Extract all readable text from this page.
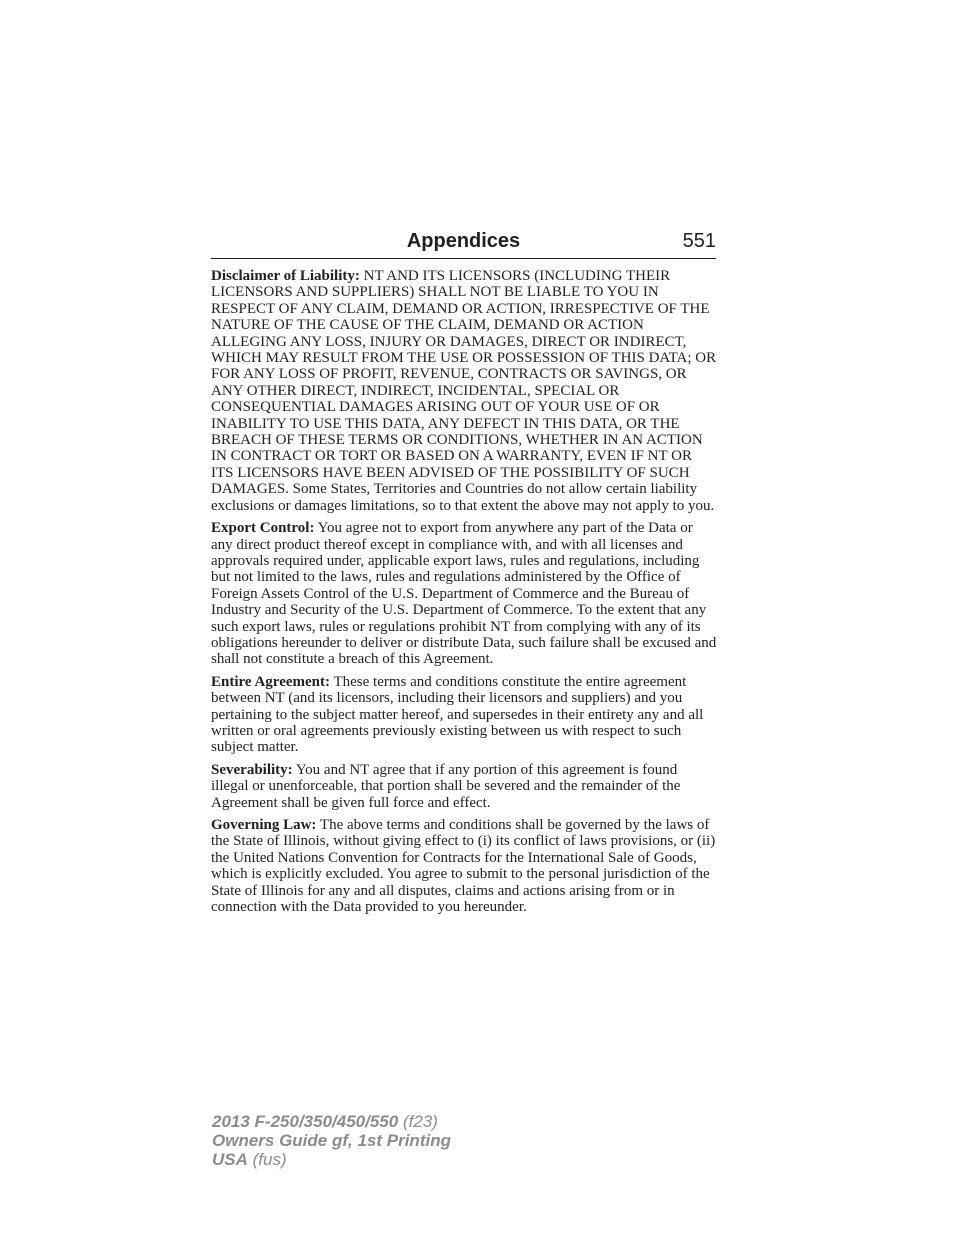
Appendices	551

Disclaimer of Liability: NT AND ITS LICENSORS (INCLUDING THEIR LICENSORS AND SUPPLIERS) SHALL NOT BE LIABLE TO YOU IN RESPECT OF ANY CLAIM, DEMAND OR ACTION, IRRESPECTIVE OF THE NATURE OF THE CAUSE OF THE CLAIM, DEMAND OR ACTION ALLEGING ANY LOSS, INJURY OR DAMAGES, DIRECT OR INDIRECT, WHICH MAY RESULT FROM THE USE OR POSSESSION OF THIS DATA; OR FOR ANY LOSS OF PROFIT, REVENUE, CONTRACTS OR SAVINGS, OR ANY OTHER DIRECT, INDIRECT, INCIDENTAL, SPECIAL OR CONSEQUENTIAL DAMAGES ARISING OUT OF YOUR USE OF OR INABILITY TO USE THIS DATA, ANY DEFECT IN THIS DATA, OR THE BREACH OF THESE TERMS OR CONDITIONS, WHETHER IN AN ACTION IN CONTRACT OR TORT OR BASED ON A WARRANTY, EVEN IF NT OR ITS LICENSORS HAVE BEEN ADVISED OF THE POSSIBILITY OF SUCH DAMAGES. Some States, Territories and Countries do not allow certain liability exclusions or damages limitations, so to that extent the above may not apply to you.

Export Control: You agree not to export from anywhere any part of the Data or any direct product thereof except in compliance with, and with all licenses and approvals required under, applicable export laws, rules and regulations, including but not limited to the laws, rules and regulations administered by the Office of Foreign Assets Control of the U.S. Department of Commerce and the Bureau of Industry and Security of the U.S. Department of Commerce. To the extent that any such export laws, rules or regulations prohibit NT from complying with any of its obligations hereunder to deliver or distribute Data, such failure shall be excused and shall not constitute a breach of this Agreement.

Entire Agreement: These terms and conditions constitute the entire agreement between NT (and its licensors, including their licensors and suppliers) and you pertaining to the subject matter hereof, and supersedes in their entirety any and all written or oral agreements previously existing between us with respect to such subject matter.

Severability: You and NT agree that if any portion of this agreement is found illegal or unenforceable, that portion shall be severed and the remainder of the Agreement shall be given full force and effect.

Governing Law: The above terms and conditions shall be governed by the laws of the State of Illinois, without giving effect to (i) its conflict of laws provisions, or (ii) the United Nations Convention for Contracts for the International Sale of Goods, which is explicitly excluded. You agree to submit to the personal jurisdiction of the State of Illinois for any and all disputes, claims and actions arising from or in connection with the Data provided to you hereunder.

2013 F-250/350/450/550 (f23)
Owners Guide gf, 1st Printing
USA (fus)
